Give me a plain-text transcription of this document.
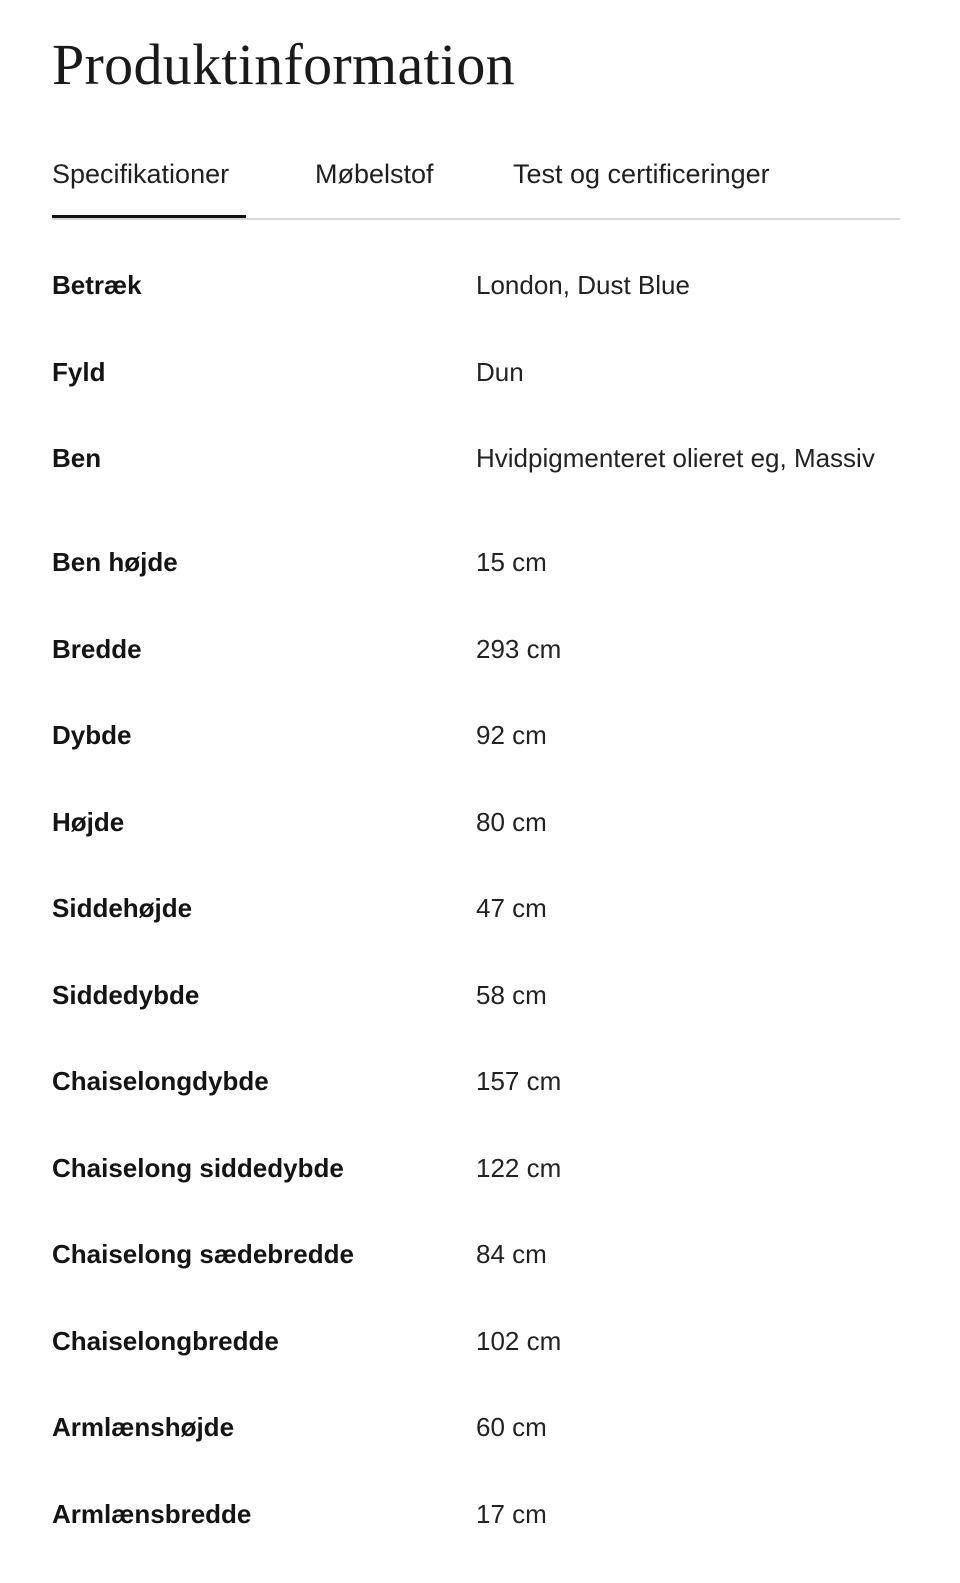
Produktinformation
Specifikationer	Møbelstof	Test og certificeringer
Betræk	London, Dust Blue
Fyld	Dun
Ben	Hvidpigmenteret olieret eg, Massiv
Ben højde	15 cm
Bredde	293 cm
Dybde	92 cm
Højde	80 cm
Siddehøjde	47 cm
Siddedybde	58 cm
Chaiselongdybde	157 cm
Chaiselong siddedybde	122 cm
Chaiselong sædebredde	84 cm
Chaiselongbredde	102 cm
Armlænshøjde	60 cm
Armlænsbredde	17 cm
